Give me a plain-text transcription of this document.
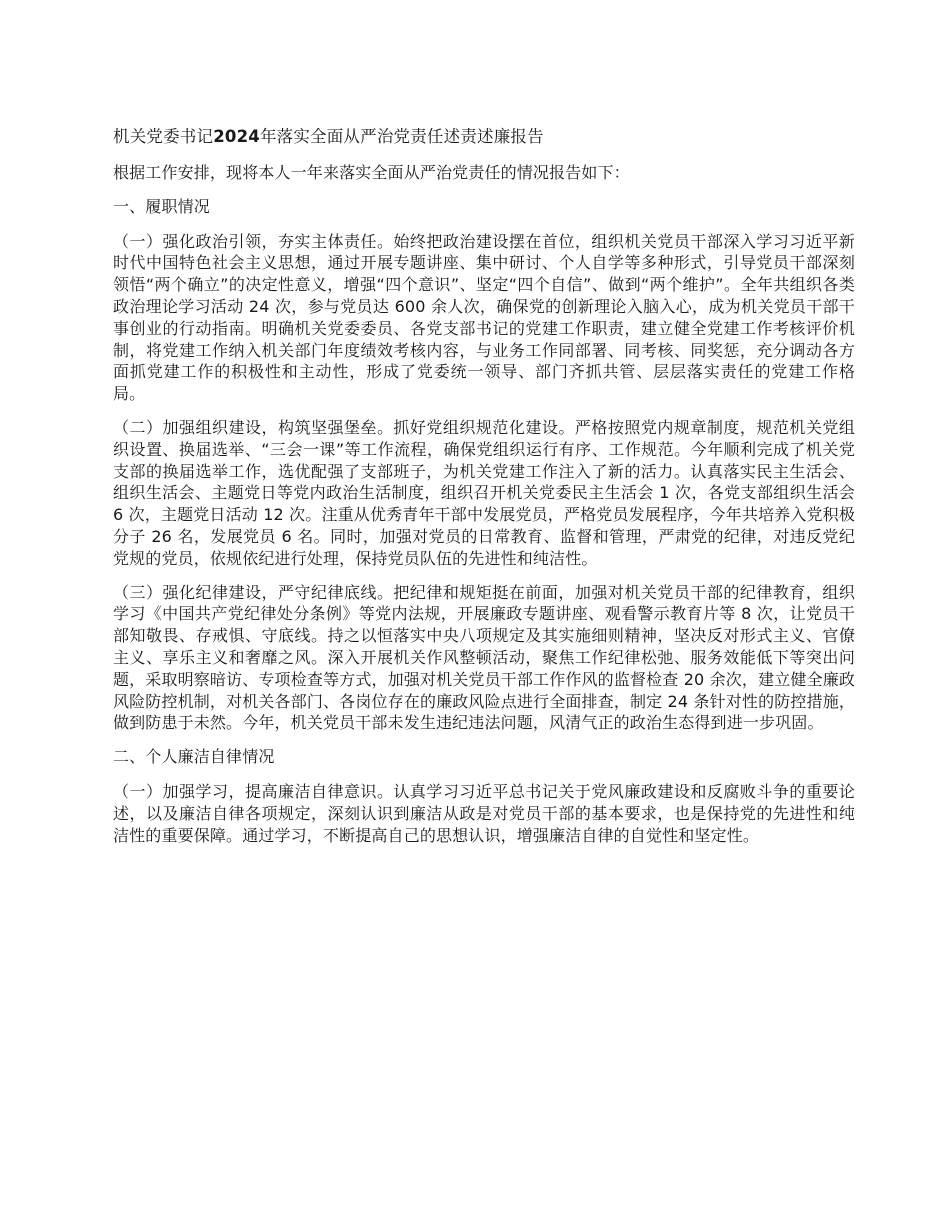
机关党委书记2024年落实全面从严治党责任述责述廉报告

根据工作安排，现将本人一年来落实全面从严治党责任的情况报告如下：

一、履职情况

（一）强化政治引领，夯实主体责任。始终把政治建设摆在首位，组织机关党员干部深入学习习近平新时代中国特色社会主义思想，通过开展专题讲座、集中研讨、个人自学等多种形式，引导党员干部深刻领悟“两个确立”的决定性意义，增强“四个意识”、坚定“四个自信”、做到“两个维护”。全年共组织各类政治理论学习活动 24 次，参与党员达 600 余人次，确保党的创新理论入脑入心，成为机关党员干部干事创业的行动指南。明确机关党委委员、各党支部书记的党建工作职责，建立健全党建工作考核评价机制，将党建工作纳入机关部门年度绩效考核内容，与业务工作同部署、同考核、同奖惩，充分调动各方面抓党建工作的积极性和主动性，形成了党委统一领导、部门齐抓共管、层层落实责任的党建工作格局。

（二）加强组织建设，构筑坚强堡垒。抓好党组织规范化建设。严格按照党内规章制度，规范机关党组织设置、换届选举、“三会一课”等工作流程，确保党组织运行有序、工作规范。今年顺利完成了机关党支部的换届选举工作，选优配强了支部班子，为机关党建工作注入了新的活力。认真落实民主生活会、组织生活会、主题党日等党内政治生活制度，组织召开机关党委民主生活会 1 次，各党支部组织生活会 6 次，主题党日活动 12 次。注重从优秀青年干部中发展党员，严格党员发展程序，今年共培养入党积极分子 26 名，发展党员 6 名。同时，加强对党员的日常教育、监督和管理，严肃党的纪律，对违反党纪党规的党员，依规依纪进行处理，保持党员队伍的先进性和纯洁性。

（三）强化纪律建设，严守纪律底线。把纪律和规矩挺在前面，加强对机关党员干部的纪律教育，组织学习《中国共产党纪律处分条例》等党内法规，开展廉政专题讲座、观看警示教育片等 8 次，让党员干部知敬畏、存戒惧、守底线。持之以恒落实中央八项规定及其实施细则精神，坚决反对形式主义、官僚主义、享乐主义和奢靡之风。深入开展机关作风整顿活动，聚焦工作纪律松弛、服务效能低下等突出问题，采取明察暗访、专项检查等方式，加强对机关党员干部工作作风的监督检查 20 余次，建立健全廉政风险防控机制，对机关各部门、各岗位存在的廉政风险点进行全面排查，制定 24 条针对性的防控措施，做到防患于未然。今年，机关党员干部未发生违纪违法问题，风清气正的政治生态得到进一步巩固。

二、个人廉洁自律情况

（一）加强学习，提高廉洁自律意识。认真学习习近平总书记关于党风廉政建设和反腐败斗争的重要论述，以及廉洁自律各项规定，深刻认识到廉洁从政是对党员干部的基本要求，也是保持党的先进性和纯洁性的重要保障。通过学习，不断提高自己的思想认识，增强廉洁自律的自觉性和坚定性。
